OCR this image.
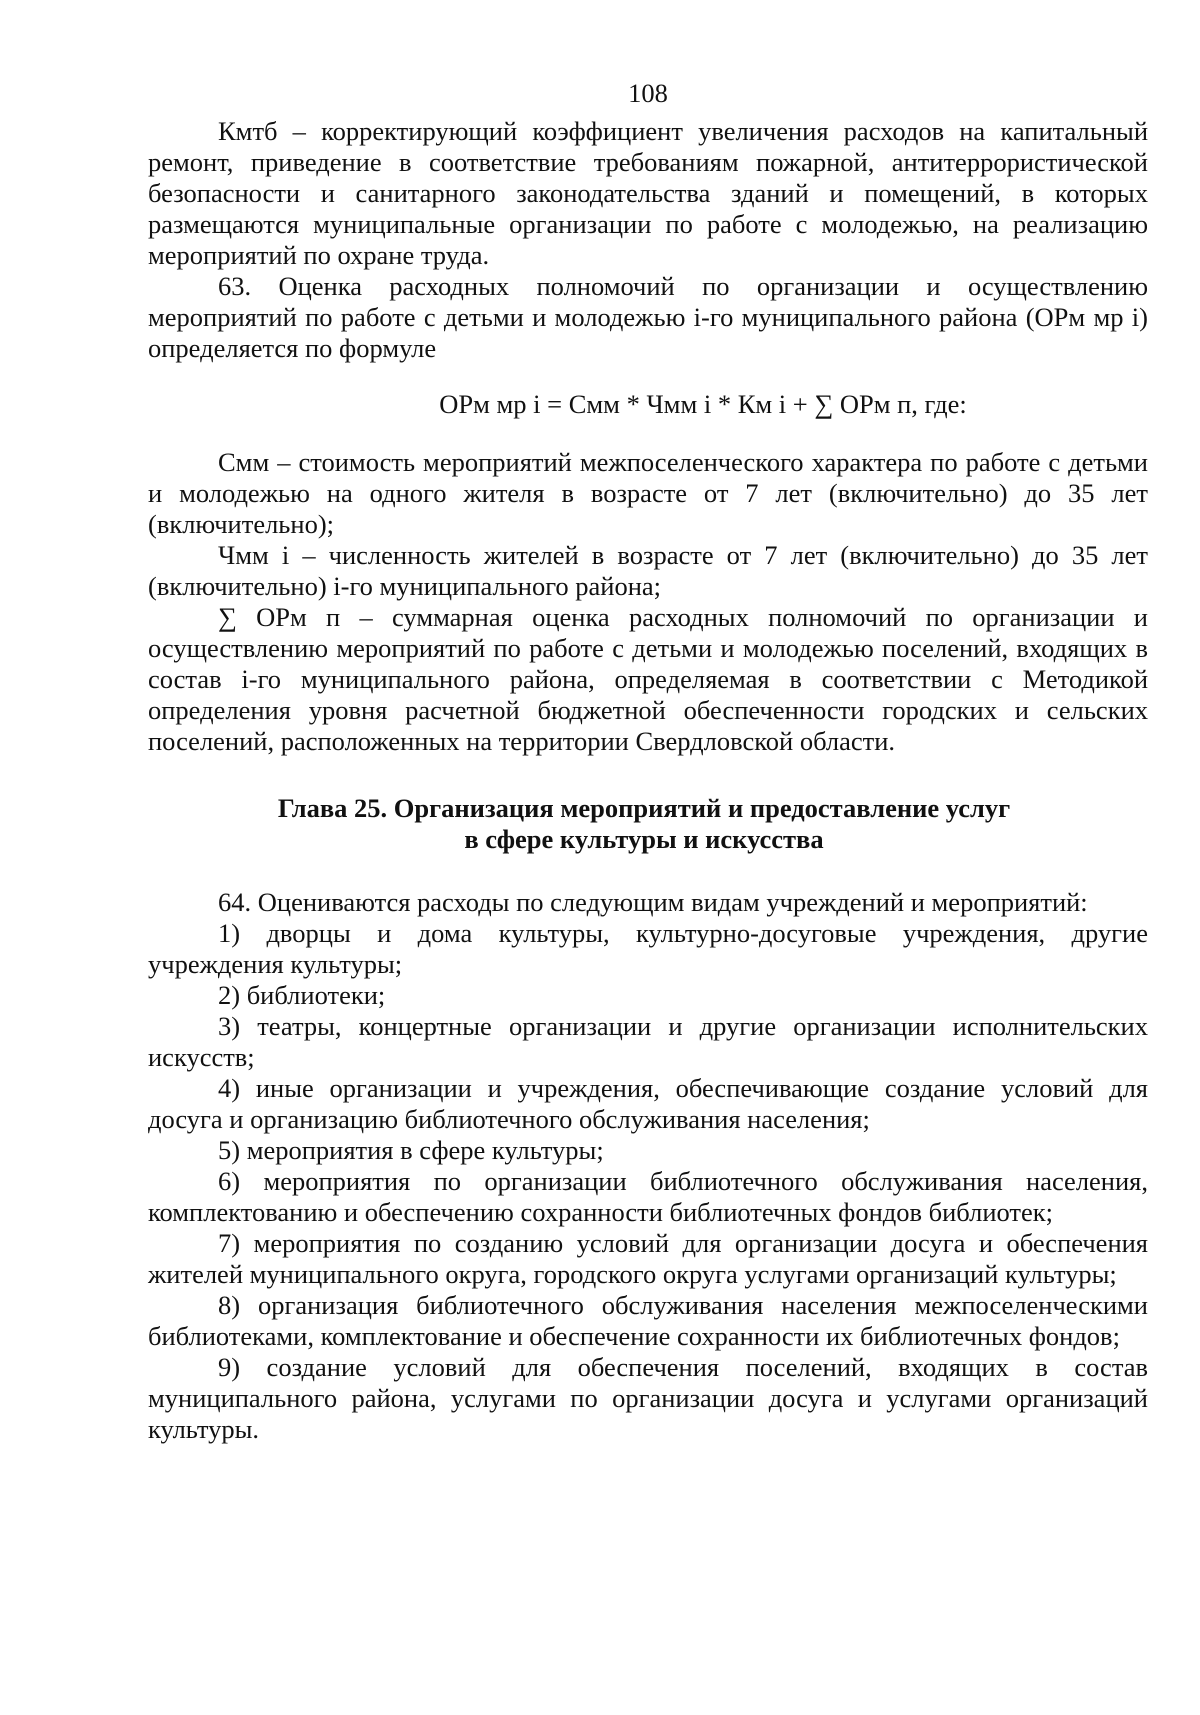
108

Кмтб – корректирующий коэффициент увеличения расходов на капитальный ремонт, приведение в соответствие требованиям пожарной, антитеррористической безопасности и санитарного законодательства зданий и помещений, в которых размещаются муниципальные организации по работе с молодежью, на реализацию мероприятий по охране труда.

63. Оценка расходных полномочий по организации и осуществлению мероприятий по работе с детьми и молодежью i-го муниципального района (ОРм мр i) определяется по формуле

ОРм мр i = Смм * Чмм i * Км i + ∑ ОРм п, где:

Смм – стоимость мероприятий межпоселенческого характера по работе с детьми и молодежью на одного жителя в возрасте от 7 лет (включительно) до 35 лет (включительно);

Чмм i – численность жителей в возрасте от 7 лет (включительно) до 35 лет (включительно) i-го муниципального района;

∑ ОРм п – суммарная оценка расходных полномочий по организации и осуществлению мероприятий по работе с детьми и молодежью поселений, входящих в состав i-го муниципального района, определяемая в соответствии с Методикой определения уровня расчетной бюджетной обеспеченности городских и сельских поселений, расположенных на территории Свердловской области.

Глава 25. Организация мероприятий и предоставление услуг
в сфере культуры и искусства

64. Оцениваются расходы по следующим видам учреждений и мероприятий:

1) дворцы и дома культуры, культурно-досуговые учреждения, другие учреждения культуры;

2) библиотеки;

3) театры, концертные организации и другие организации исполнительских искусств;

4) иные организации и учреждения, обеспечивающие создание условий для досуга и организацию библиотечного обслуживания населения;

5) мероприятия в сфере культуры;

6) мероприятия по организации библиотечного обслуживания населения, комплектованию и обеспечению сохранности библиотечных фондов библиотек;

7) мероприятия по созданию условий для организации досуга и обеспечения жителей муниципального округа, городского округа услугами организаций культуры;

8) организация библиотечного обслуживания населения межпоселенческими библиотеками, комплектование и обеспечение сохранности их библиотечных фондов;

9) создание условий для обеспечения поселений, входящих в состав муниципального района, услугами по организации досуга и услугами организаций культуры.
